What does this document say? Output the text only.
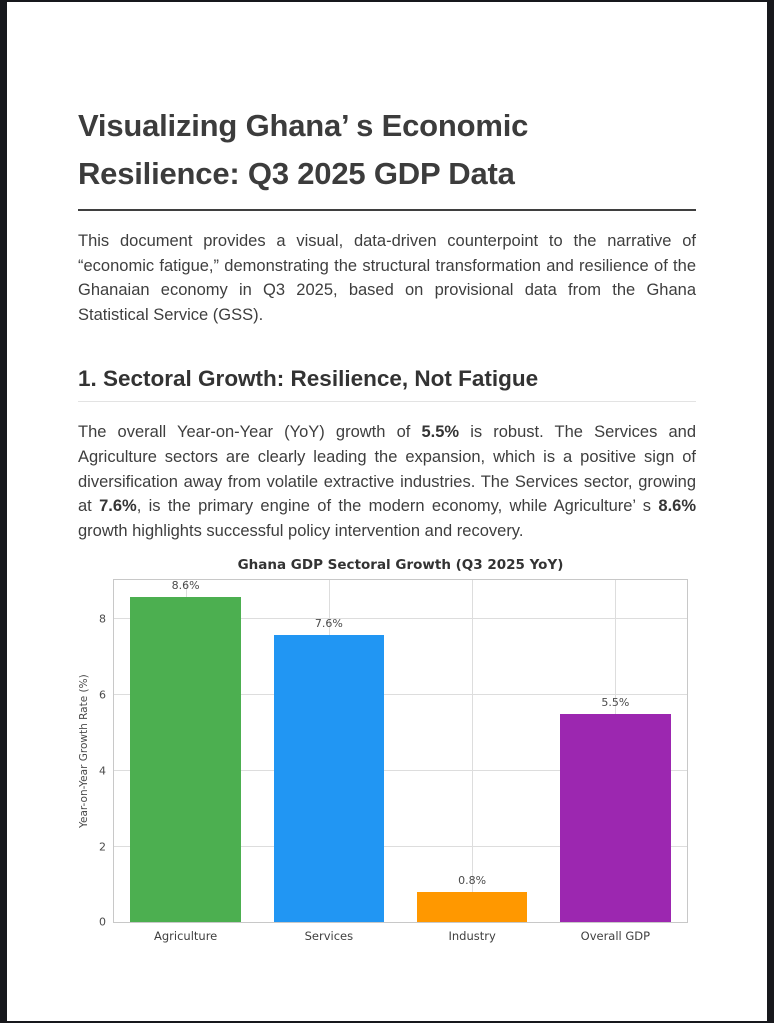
Visualizing Ghana’ s Economic Resilience: Q3 2025 GDP Data

This document provides a visual, data-driven counterpoint to the narrative of “economic fatigue,” demonstrating the structural transformation and resilience of the Ghanaian economy in Q3 2025, based on provisional data from the Ghana Statistical Service (GSS).

1. Sectoral Growth: Resilience, Not Fatigue

The overall Year-on-Year (YoY) growth of 5.5% is robust. The Services and Agriculture sectors are clearly leading the expansion, which is a positive sign of diversification away from volatile extractive industries. The Services sector, growing at 7.6%, is the primary engine of the modern economy, while Agriculture’ s 8.6% growth highlights successful policy intervention and recovery.

Ghana GDP Sectoral Growth (Q3 2025 YoY)
Year-on-Year Growth Rate (%)
0
2
4
6
8
8.6%
Agriculture
7.6%
Services
0.8%
Industry
5.5%
Overall GDP
